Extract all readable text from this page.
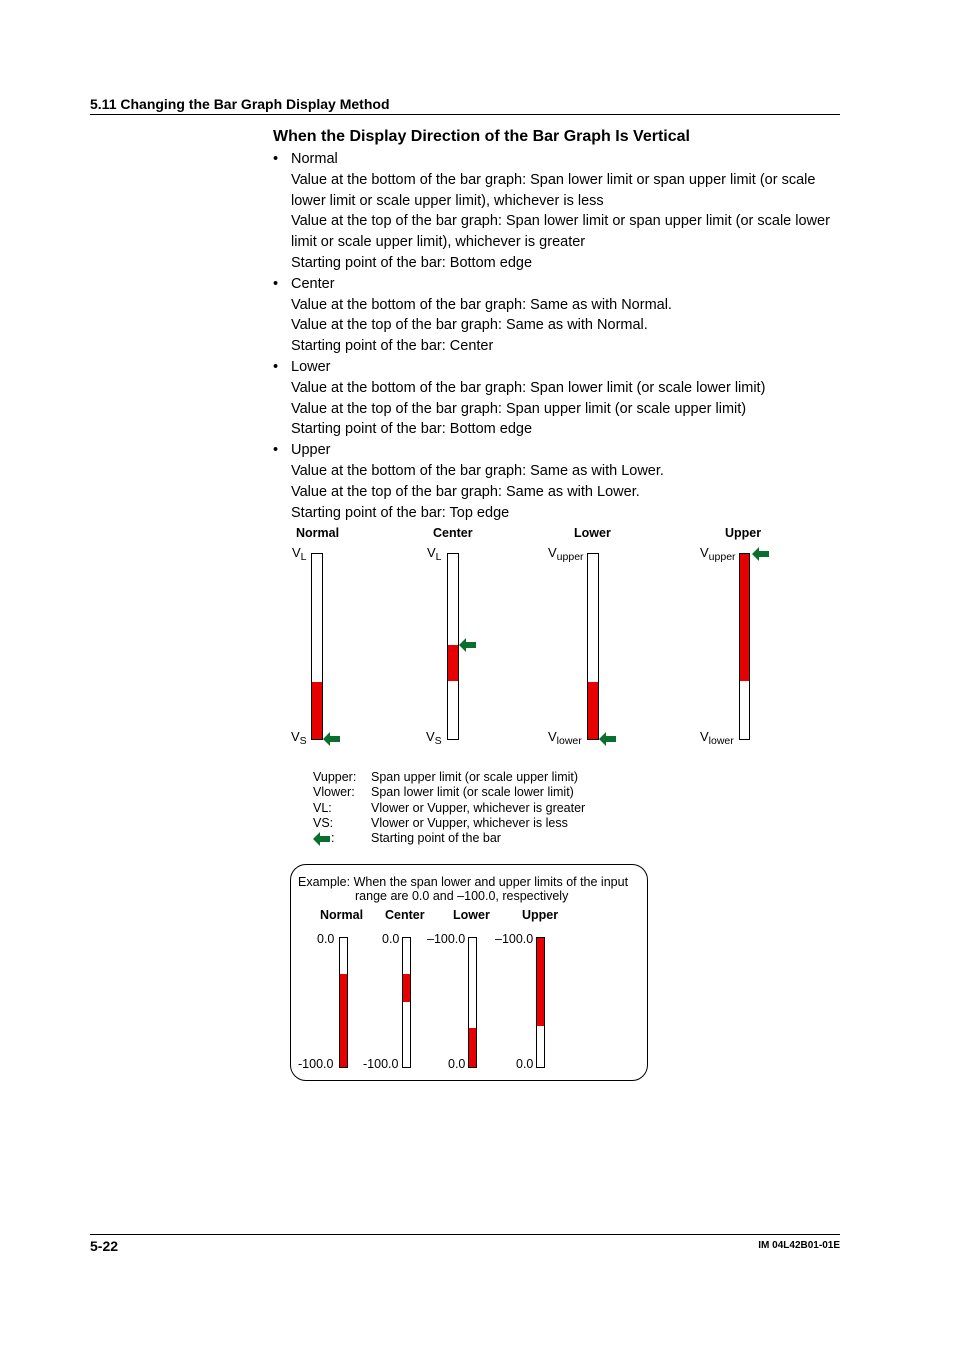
5.11 Changing the Bar Graph Display Method
When the Display Direction of the Bar Graph Is Vertical
• Normal
Value at the bottom of the bar graph: Span lower limit or span upper limit (or scale lower limit or scale upper limit), whichever is less
Value at the top of the bar graph: Span lower limit or span upper limit (or scale lower limit or scale upper limit), whichever is greater
Starting point of the bar: Bottom edge
• Center
Value at the bottom of the bar graph: Same as with Normal.
Value at the top of the bar graph: Same as with Normal.
Starting point of the bar: Center
• Lower
Value at the bottom of the bar graph: Span lower limit (or scale lower limit)
Value at the top of the bar graph: Span upper limit (or scale upper limit)
Starting point of the bar: Bottom edge
• Upper
Value at the bottom of the bar graph: Same as with Lower.
Value at the top of the bar graph: Same as with Lower.
Starting point of the bar: Top edge
Normal	Center	Lower	Upper
$V_L$
$V_S$
$V_L$
$V_S$
$V_{upper}$
$V_{lower}$
$V_{upper}$
$V_{lower}$
Vupper: Span upper limit (or scale upper limit)
Vlower: Span lower limit (or scale lower limit)
VL:	Vlower or Vupper, whichever is greater
VS:	Vlower or Vupper, whichever is less
:	Starting point of the bar
Example: When the span lower and upper limits of the input
range are 0.0 and –100.0, respectively
Normal Center Lower	Upper
0.0
-100.0
0.0
-100.0
–100.0
0.0
–100.0
0.0
5-22	IM 04L42B01-01E
